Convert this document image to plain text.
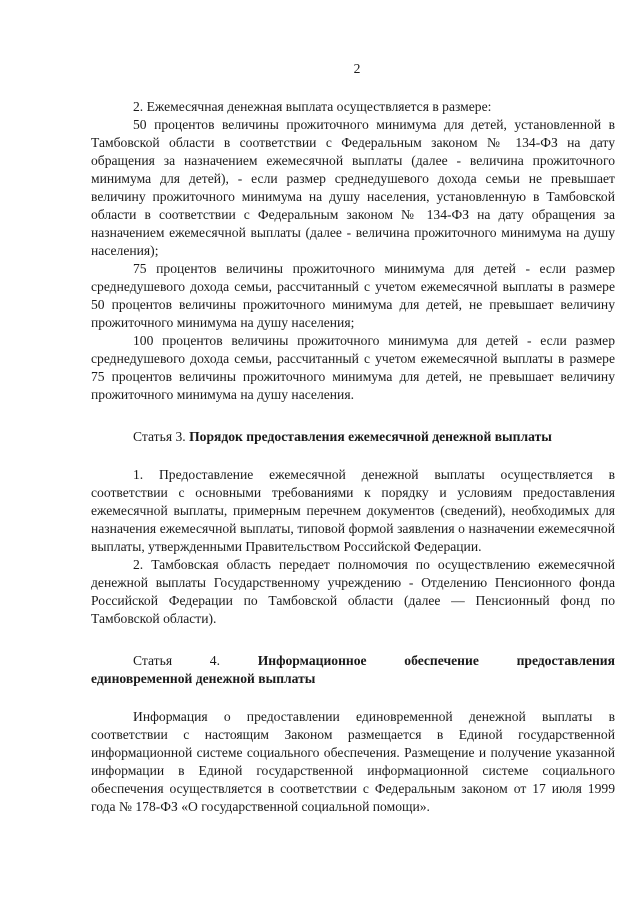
2

2. Ежемесячная денежная выплата осуществляется в размере:

50 процентов величины прожиточного минимума для детей, установленной в Тамбовской области в соответствии с Федеральным законом № 134-ФЗ на дату обращения за назначением ежемесячной выплаты (далее - величина прожиточного минимума для детей), - если размер среднедушевого дохода семьи не превышает величину прожиточного минимума на душу населения, установленную в Тамбовской области в соответствии с Федеральным законом № 134-ФЗ на дату обращения за назначением ежемесячной выплаты (далее - величина прожиточного минимума на душу населения);

75 процентов величины прожиточного минимума для детей - если размер среднедушевого дохода семьи, рассчитанный с учетом ежемесячной выплаты в размере 50 процентов величины прожиточного минимума для детей, не превышает величину прожиточного минимума на душу населения;

100 процентов величины прожиточного минимума для детей - если размер среднедушевого дохода семьи, рассчитанный с учетом ежемесячной выплаты в размере 75 процентов величины прожиточного минимума для детей, не превышает величину прожиточного минимума на душу населения.

Статья 3. Порядок предоставления ежемесячной денежной выплаты

1. Предоставление ежемесячной денежной выплаты осуществляется в соответствии с основными требованиями к порядку и условиям предоставления ежемесячной выплаты, примерным перечнем документов (сведений), необходимых для назначения ежемесячной выплаты, типовой формой заявления о назначении ежемесячной выплаты, утвержденными Правительством Российской Федерации.

2. Тамбовская область передает полномочия по осуществлению ежемесячной денежной выплаты Государственному учреждению - Отделению Пенсионного фонда Российской Федерации по Тамбовской области (далее — Пенсионный фонд по Тамбовской области).

Статья	4.	Информационное	обеспечение	предоставления
единовременной денежной выплаты

Информация о предоставлении единовременной денежной выплаты в соответствии с настоящим Законом размещается в Единой государственной информационной системе социального обеспечения. Размещение и получение указанной информации в Единой государственной информационной системе социального обеспечения осуществляется в соответствии с Федеральным законом от 17 июля 1999 года № 178-ФЗ «О государственной социальной помощи».
